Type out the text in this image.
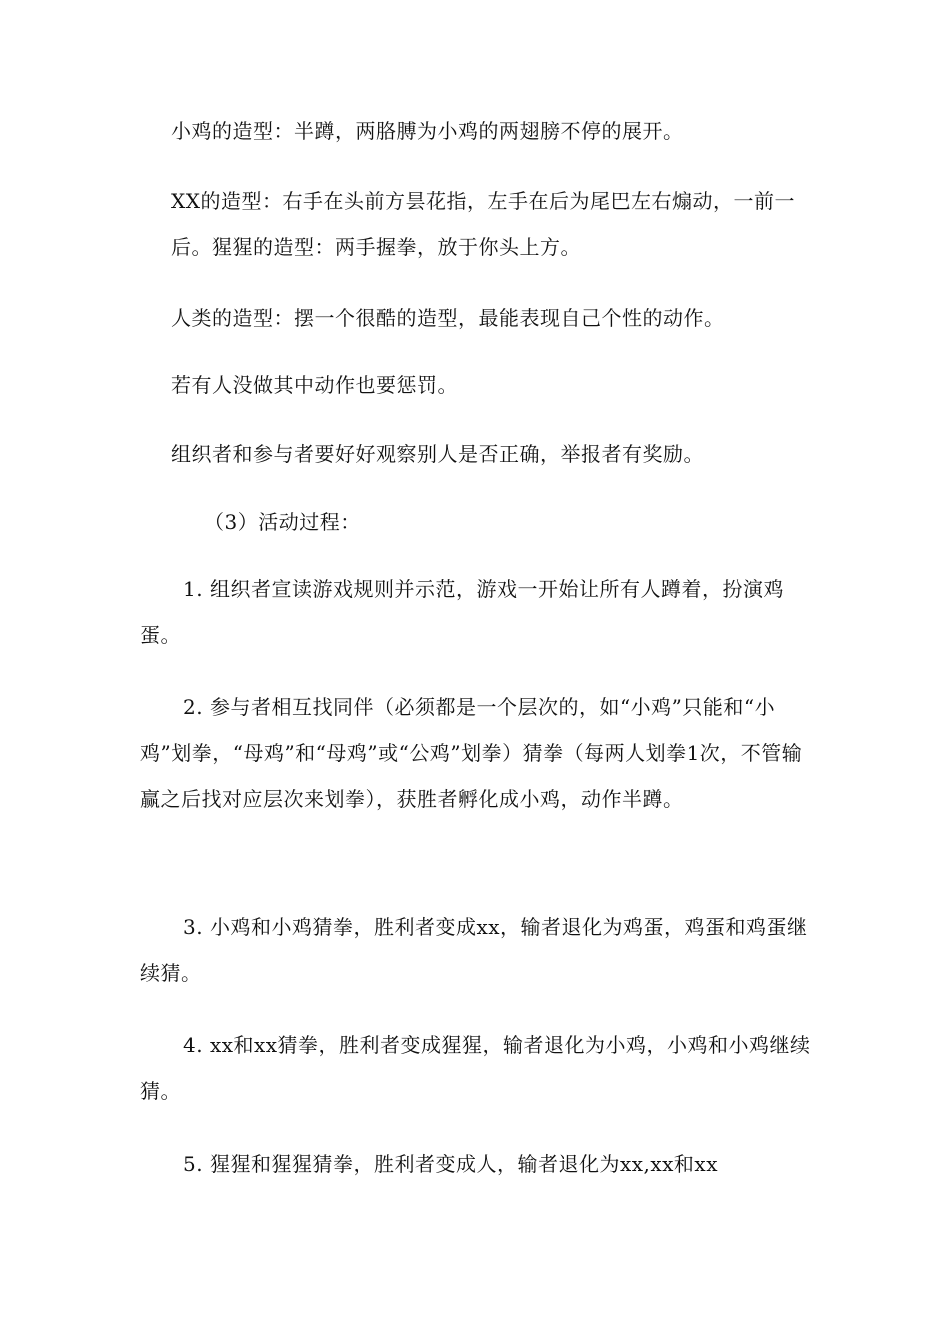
小鸡的造型：半蹲，两胳膊为小鸡的两翅膀不停的展开。

XX的造型：右手在头前方昙花指，左手在后为尾巴左右煽动，一前一后。猩猩的造型：两手握拳，放于你头上方。

人类的造型：摆一个很酷的造型，最能表现自己个性的动作。

若有人没做其中动作也要惩罚。

组织者和参与者要好好观察别人是否正确，举报者有奖励。

（3）活动过程：

1. 组织者宣读游戏规则并示范，游戏一开始让所有人蹲着，扮演鸡蛋。

2. 参与者相互找同伴（必须都是一个层次的，如“小鸡”只能和“小鸡”划拳，“母鸡”和“母鸡”或“公鸡”划拳）猜拳（每两人划拳1次，不管输赢之后找对应层次来划拳），获胜者孵化成小鸡，动作半蹲。

3. 小鸡和小鸡猜拳，胜利者变成xx，输者退化为鸡蛋，鸡蛋和鸡蛋继续猜。

4. xx和xx猜拳，胜利者变成猩猩，输者退化为小鸡，小鸡和小鸡继续猜。

5. 猩猩和猩猩猜拳，胜利者变成人，输者退化为xx,xx和xx
